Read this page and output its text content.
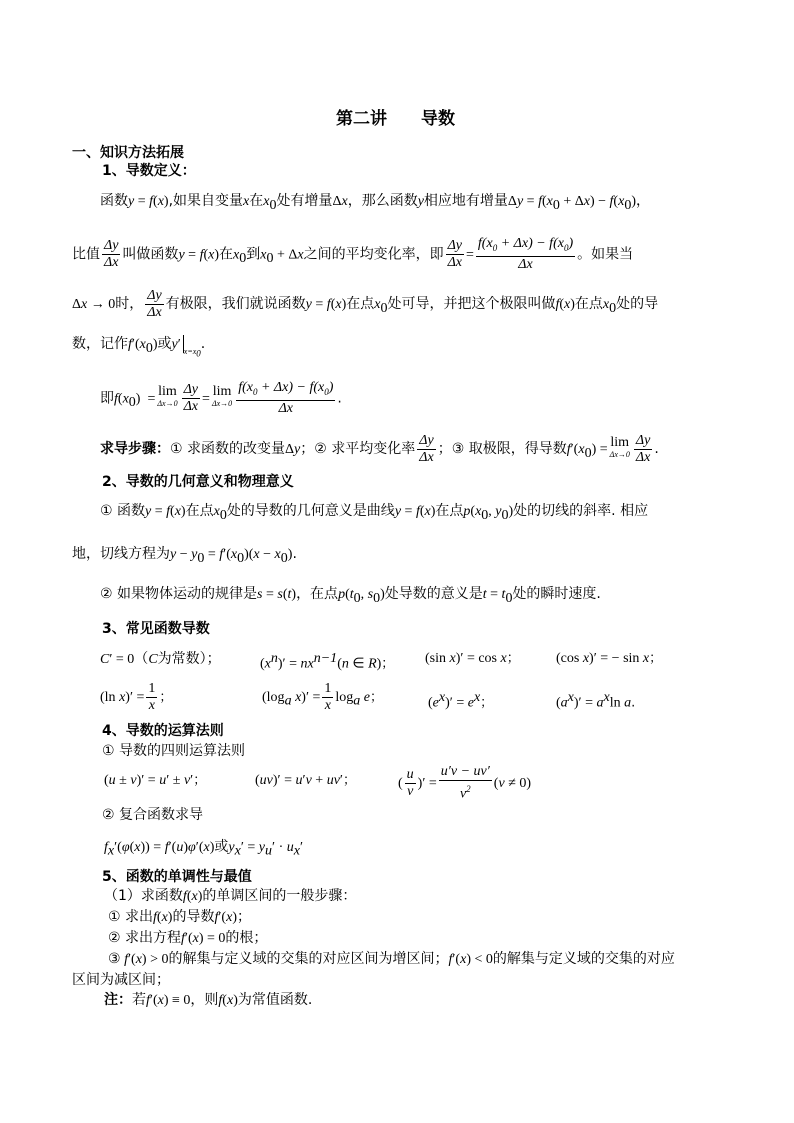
第二讲　　导数
一、知识方法拓展
1、导数定义：
函数y = f(x),如果自变量x在$x_0$处有增量Δx，那么函数y相应地有增量$\Delta y = f(x_0 + \Delta x) - f(x_0)$，
比值 $\frac{\Delta y}{\Delta x}$ 叫做函数y = f(x)在$x_0$到$x_0 + \Delta x$之间的平均变化率，即 $\frac{\Delta y}{\Delta x} = \frac{f(x_0 + \Delta x) - f(x_0)}{\Delta x}$ 。如果当
Δx → 0时， $\frac{\Delta y}{\Delta x}$ 有极限，我们就说函数y = f(x)在点$x_0$处可导，并把这个极限叫做f(x)在点$x_0$处的导
数，记作$f'(x_0)$或y′ $_{x=x_0}$.
即$f(x_0) = \lim$
$\Delta x\to 0 \frac{\Delta y}{\Delta x} = \lim$
$\Delta x\to 0 \frac{f(x_0 + \Delta x) - f(x_0)}{\Delta x}$ .
求导步骤：① 求函数的改变量Δy；② 求平均变化率 $\frac{\Delta y}{\Delta x}$ ；③ 取极限，得导数$f'(x_0) = \lim$
$\Delta x\to 0 \frac{\Delta y}{\Delta x}$ .
2、导数的几何意义和物理意义
① 函数y = f(x)在点$x_0$处的导数的几何意义是曲线y = f(x)在点$p(x_0$, $y_0$)处的切线的斜率. 相应
地，切线方程为$y - y_0 = f'(x_0)(x - x_0)$.
② 如果物体运动的规律是s = s(t)，在点$p(t_0$, $s_0$)处导数的意义是$t = t_0$处的瞬时速度.
3、常见函数导数
C′ = 0（C为常数）；	$(x^n)' = nx^{n-1}(n$ ∈ R)； (sin x)′ = cos x；	(cos x)′ = − sin x；
(ln $x)' = \frac{1}{x}$ ；	($\log_a$ $x)' = \frac{1}{x} \log_a e$；	$(e^x)' = e^x$；	$(a^x)' = a^x\ln$ a.
4、导数的运算法则
① 导数的四则运算法则
(u ± v)′ = u′ ± v′；	(uv)′ = u′v + uv′；	( $\frac{u}{v}$ )′ = $\frac{u'v - uv'}{v^2} (v \ne 0)$
② 复合函数求导
$f_x'(\varphi(x)) = f'(u)\varphi'(x)$或$y_x' = y_u' \cdot u_x'$
5、函数的单调性与最值
（1）求函数f(x)的单调区间的一般步骤：
① 求出f(x)的导数f′(x)；
② 求出方程f′(x) = 0的根；
③ f′(x) > 0的解集与定义域的交集的对应区间为增区间；f′(x) < 0的解集与定义域的交集的对应
区间为减区间；
注：若f′(x) ≡ 0，则f(x)为常值函数.
